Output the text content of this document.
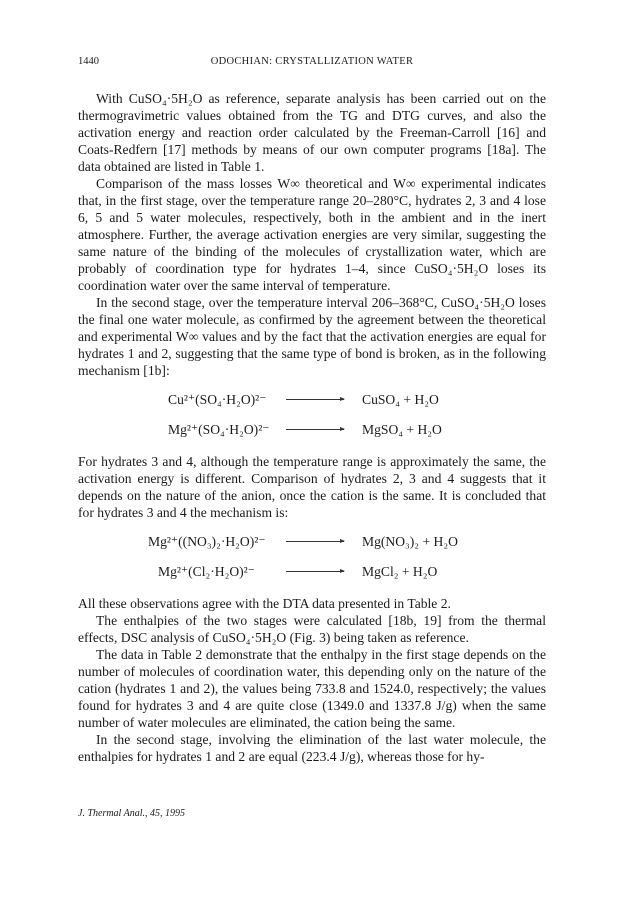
1440	ODOCHIAN: CRYSTALLIZATION WATER

With CuSO₄·5H₂O as reference, separate analysis has been carried out on the thermogravimetric values obtained from the TG and DTG curves, and also the activation energy and reaction order calculated by the Freeman-Carroll [16] and Coats-Redfern [17] methods by means of our own computer programs [18a]. The data obtained are listed in Table 1.

Comparison of the mass losses W∞ theoretical and W∞ experimental indicates that, in the first stage, over the temperature range 20–280°C, hydrates 2, 3 and 4 lose 6, 5 and 5 water molecules, respectively, both in the ambient and in the inert atmosphere. Further, the average activation energies are very similar, suggesting the same nature of the binding of the molecules of crystallization water, which are probably of coordination type for hydrates 1–4, since CuSO₄·5H₂O loses its coordination water over the same interval of temperature.

In the second stage, over the temperature interval 206–368°C, CuSO₄·5H₂O loses the final one water molecule, as confirmed by the agreement between the theoretical and experimental W∞ values and by the fact that the activation energies are equal for hydrates 1 and 2, suggesting that the same type of bond is broken, as in the following mechanism [1b]:

Cu²⁺(SO₄·H₂O)²⁻	CuSO₄ + H₂O
Mg²⁺(SO₄·H₂O)²⁻	MgSO₄ + H₂O

For hydrates 3 and 4, although the temperature range is approximately the same, the activation energy is different. Comparison of hydrates 2, 3 and 4 suggests that it depends on the nature of the anion, once the cation is the same. It is concluded that for hydrates 3 and 4 the mechanism is:

Mg²⁺((NO₃)₂·H₂O)²⁻	Mg(NO₃)₂ + H₂O
Mg²⁺(Cl₂·H₂O)²⁻	MgCl₂ + H₂O

All these observations agree with the DTA data presented in Table 2.

The enthalpies of the two stages were calculated [18b, 19] from the thermal effects, DSC analysis of CuSO₄·5H₂O (Fig. 3) being taken as reference.

The data in Table 2 demonstrate that the enthalpy in the first stage depends on the number of molecules of coordination water, this depending only on the nature of the cation (hydrates 1 and 2), the values being 733.8 and 1524.0, respectively; the values found for hydrates 3 and 4 are quite close (1349.0 and 1337.8 J/g) when the same number of water molecules are eliminated, the cation being the same.

In the second stage, involving the elimination of the last water molecule, the enthalpies for hydrates 1 and 2 are equal (223.4 J/g), whereas those for hy-

J. Thermal Anal., 45, 1995
